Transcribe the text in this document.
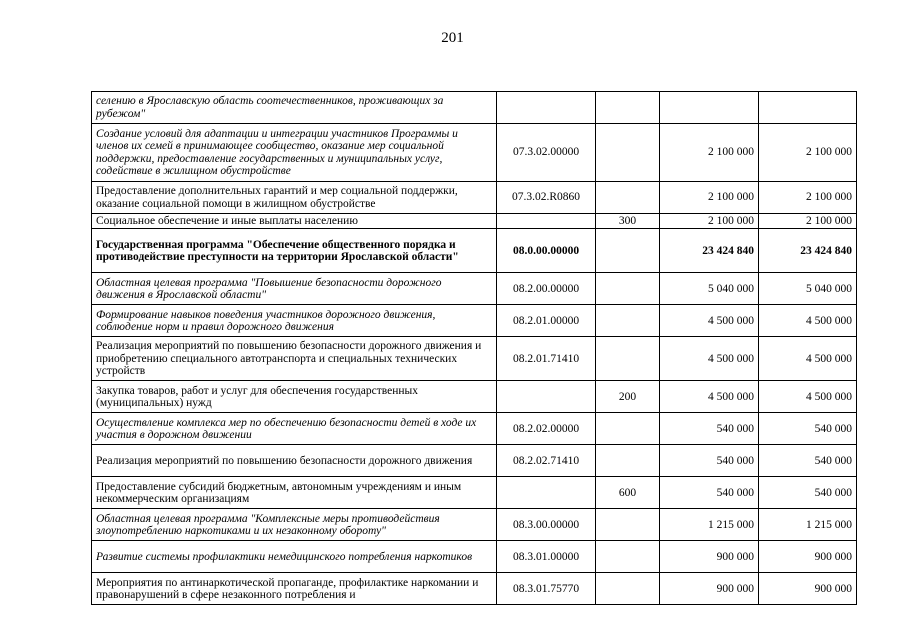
201
селению в Ярославскую область соотечественников, проживающих за рубежом"				
Создание условий для адаптации и интеграции участников Программы и членов их семей в принимающее сообщество, оказание мер социальной поддержки, предоставление государственных и муниципальных услуг, содействие в жилищном обустройстве	07.3.02.00000		2 100 000	2 100 000
Предоставление дополнительных гарантий и мер социальной поддержки, оказание социальной помощи в жилищном обустройстве	07.3.02.R0860		2 100 000	2 100 000
Социальное обеспечение и иные выплаты населению		300	2 100 000	2 100 000
Государственная программа "Обеспечение общественного порядка и противодействие преступности на территории Ярославской области"	08.0.00.00000		23 424 840	23 424 840
Областная целевая программа "Повышение безопасности дорожного движения в Ярославской области"	08.2.00.00000		5 040 000	5 040 000
Формирование навыков поведения участников дорожного движения, соблюдение норм и правил дорожного движения	08.2.01.00000		4 500 000	4 500 000
Реализация мероприятий по повышению безопасности дорожного движения и приобретению специального автотранспорта и специальных технических устройств	08.2.01.71410		4 500 000	4 500 000
Закупка товаров, работ и услуг для обеспечения государственных (муниципальных) нужд		200	4 500 000	4 500 000
Осуществление комплекса мер по обеспечению безопасности детей в ходе их участия в дорожном движении	08.2.02.00000		540 000	540 000
Реализация мероприятий по повышению безопасности дорожного движения	08.2.02.71410		540 000	540 000
Предоставление субсидий бюджетным, автономным учреждениям и иным некоммерческим организациям		600	540 000	540 000
Областная целевая программа "Комплексные меры противодействия злоупотреблению наркотиками и их незаконному обороту"	08.3.00.00000		1 215 000	1 215 000
Развитие системы профилактики немедицинского потребления наркотиков	08.3.01.00000		900 000	900 000
Мероприятия по антинаркотической пропаганде, профилактике наркомании и правонарушений в сфере незаконного потребления и	08.3.01.75770		900 000	900 000
